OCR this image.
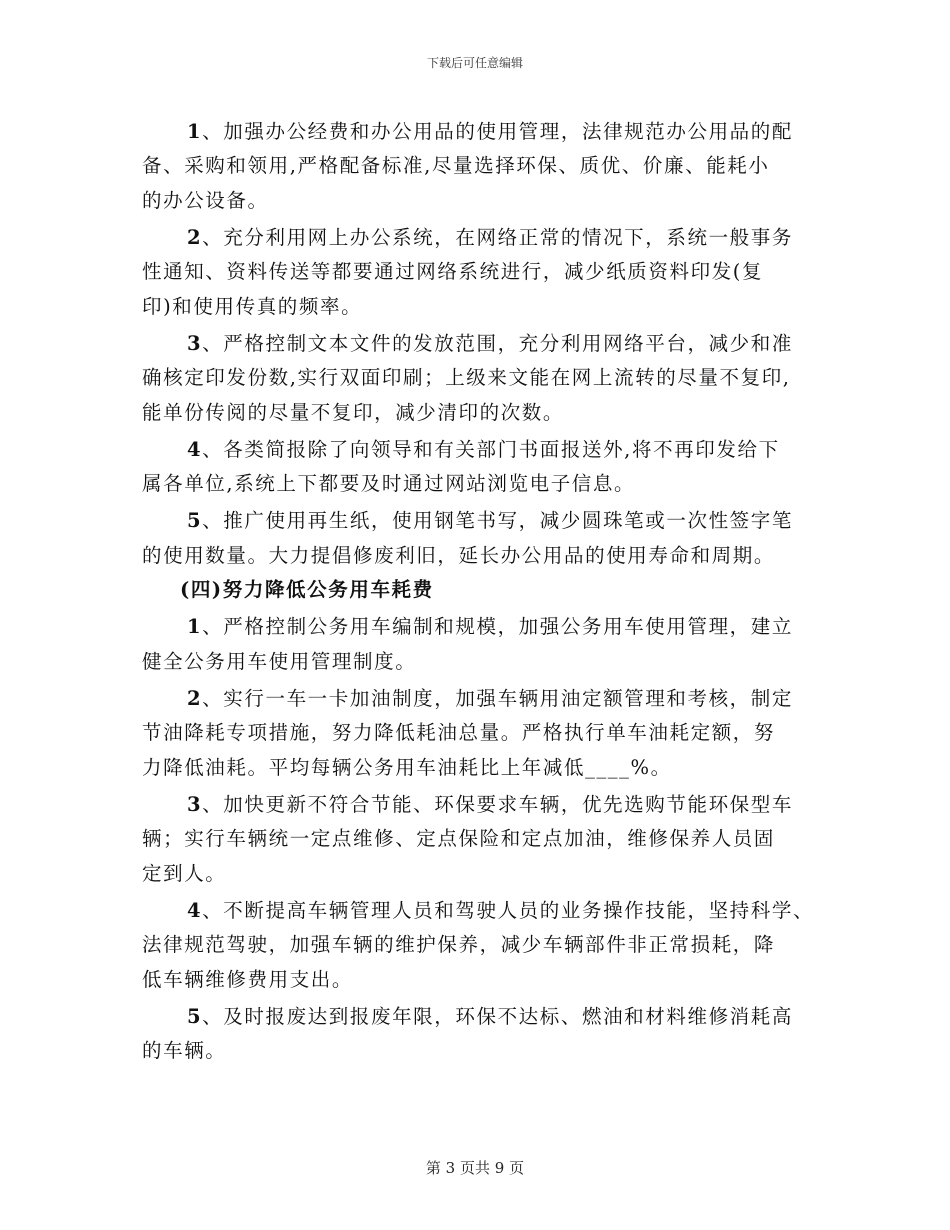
下载后可任意编辑
1、加强办公经费和办公用品的使用管理，法律规范办公用品的配
备、采购和领用,严格配备标准,尽量选择环保、质优、价廉、能耗小
的办公设备。
2、充分利用网上办公系统，在网络正常的情况下，系统一般事务
性通知、资料传送等都要通过网络系统进行，减少纸质资料印发(复
印)和使用传真的频率。
3、严格控制文本文件的发放范围，充分利用网络平台，减少和准
确核定印发份数,实行双面印刷；上级来文能在网上流转的尽量不复印,
能单份传阅的尽量不复印，减少清印的次数。
4、各类简报除了向领导和有关部门书面报送外,将不再印发给下
属各单位,系统上下都要及时通过网站浏览电子信息。
5、推广使用再生纸，使用钢笔书写，减少圆珠笔或一次性签字笔
的使用数量。大力提倡修废利旧，延长办公用品的使用寿命和周期。
(四)努力降低公务用车耗费
1、严格控制公务用车编制和规模，加强公务用车使用管理，建立
健全公务用车使用管理制度。
2、实行一车一卡加油制度，加强车辆用油定额管理和考核，制定
节油降耗专项措施，努力降低耗油总量。严格执行单车油耗定额，努
力降低油耗。平均每辆公务用车油耗比上年减低____%。
3、加快更新不符合节能、环保要求车辆，优先选购节能环保型车
辆；实行车辆统一定点维修、定点保险和定点加油，维修保养人员固
定到人。
4、不断提高车辆管理人员和驾驶人员的业务操作技能，坚持科学、
法律规范驾驶，加强车辆的维护保养，减少车辆部件非正常损耗，降
低车辆维修费用支出。
5、及时报废达到报废年限，环保不达标、燃油和材料维修消耗高
的车辆。
第 3 页共 9 页
